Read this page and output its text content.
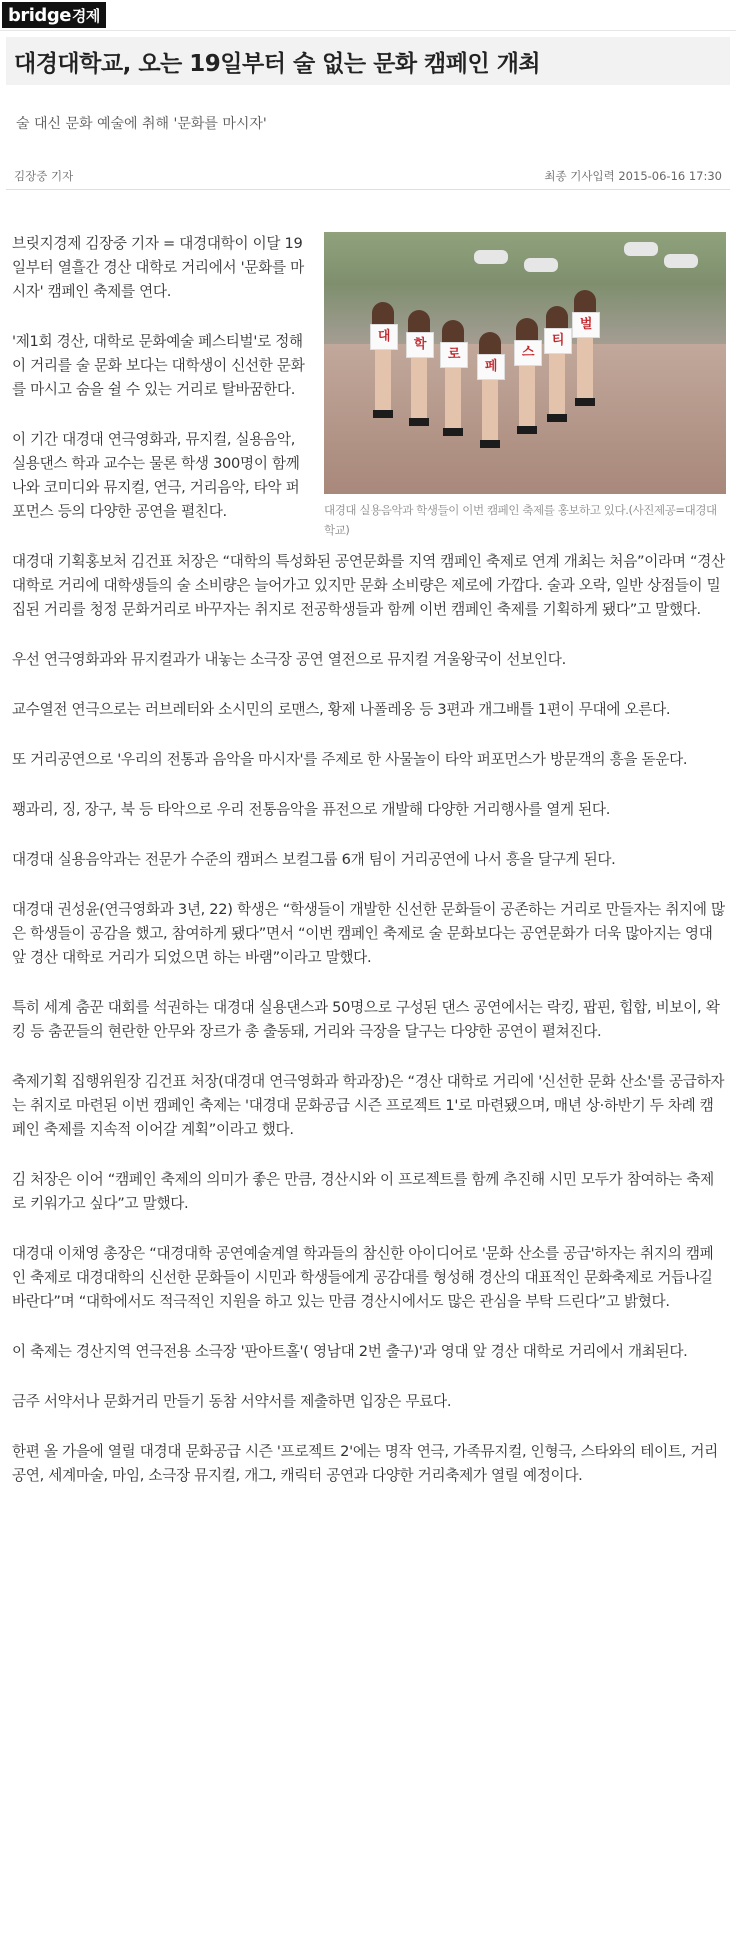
bridge 경제
대경대학교, 오는 19일부터 술 없는 문화 캠페인 개최
술 대신 문화 예술에 취해 '문화를 마시자'
김장중 기자	최종 기사입력 2015-06-16 17:30
대
학
로
페
스
티
벌
대경대 실용음악과 학생들이 이번 캠페인 축제를 홍보하고 있다.(사진제공=대경대학교)

브릿지경제 김장중 기자 = 대경대학이 이달 19일부터 열흘간 경산 대학로 거리에서 '문화를 마시자' 캠페인 축제를 연다.

'제1회 경산, 대학로 문화예술 페스티벌'로 정해 이 거리를 술 문화 보다는 대학생이 신선한 문화를 마시고 숨을 쉴 수 있는 거리로 탈바꿈한다.

이 기간 대경대 연극영화과, 뮤지컬, 실용음악, 실용댄스 학과 교수는 물론 학생 300명이 함께 나와 코미디와 뮤지컬, 연극, 거리음악, 타악 퍼포먼스 등의 다양한 공연을 펼친다.

대경대 기획홍보처 김건표 처장은 “대학의 특성화된 공연문화를 지역 캠페인 축제로 연계 개최는 처음”이라며 “경산 대학로 거리에 대학생들의 술 소비량은 늘어가고 있지만 문화 소비량은 제로에 가깝다. 술과 오락, 일반 상점들이 밀집된 거리를 청정 문화거리로 바꾸자는 취지로 전공학생들과 함께 이번 캠페인 축제를 기획하게 됐다”고 말했다.

우선 연극영화과와 뮤지컬과가 내놓는 소극장 공연 열전으로 뮤지컬 겨울왕국이 선보인다.

교수열전 연극으로는 러브레터와 소시민의 로맨스, 황제 나폴레옹 등 3편과 개그배틀 1편이 무대에 오른다.

또 거리공연으로 '우리의 전통과 음악을 마시자'를 주제로 한 사물놀이 타악 퍼포먼스가 방문객의 흥을 돋운다.

꽹과리, 징, 장구, 북 등 타악으로 우리 전통음악을 퓨전으로 개발해 다양한 거리행사를 열게 된다.

대경대 실용음악과는 전문가 수준의 캠퍼스 보컬그룹 6개 팀이 거리공연에 나서 흥을 달구게 된다.

대경대 권성윤(연극영화과 3년, 22) 학생은 “학생들이 개발한 신선한 문화들이 공존하는 거리로 만들자는 취지에 많은 학생들이 공감을 했고, 참여하게 됐다”면서 “이번 캠페인 축제로 술 문화보다는 공연문화가 더욱 많아지는 영대 앞 경산 대학로 거리가 되었으면 하는 바램”이라고 말했다.

특히 세계 춤꾼 대회를 석권하는 대경대 실용댄스과 50명으로 구성된 댄스 공연에서는 락킹, 팝핀, 힙합, 비보이, 왁킹 등 춤꾼들의 현란한 안무와 장르가 총 출동돼, 거리와 극장을 달구는 다양한 공연이 펼쳐진다.

축제기획 집행위원장 김건표 처장(대경대 연극영화과 학과장)은 “경산 대학로 거리에 '신선한 문화 산소'를 공급하자는 취지로 마련된 이번 캠페인 축제는 '대경대 문화공급 시즌 프로젝트 1'로 마련됐으며, 매년 상·하반기 두 차례 캠페인 축제를 지속적 이어갈 계획”이라고 했다.

김 처장은 이어 “캠페인 축제의 의미가 좋은 만큼, 경산시와 이 프로젝트를 함께 추진해 시민 모두가 참여하는 축제로 키워가고 싶다”고 말했다.

대경대 이채영 총장은 “대경대학 공연예술계열 학과들의 참신한 아이디어로 '문화 산소를 공급'하자는 취지의 캠페인 축제로 대경대학의 신선한 문화들이 시민과 학생들에게 공감대를 형성해 경산의 대표적인 문화축제로 거듭나길 바란다”며 “대학에서도 적극적인 지원을 하고 있는 만큼 경산시에서도 많은 관심을 부탁 드린다”고 밝혔다.

이 축제는 경산지역 연극전용 소극장 '판아트홀'( 영남대 2번 출구)'과 영대 앞 경산 대학로 거리에서 개최된다.

금주 서약서나 문화거리 만들기 동참 서약서를 제출하면 입장은 무료다.

한편 올 가을에 열릴 대경대 문화공급 시즌 '프로젝트 2'에는 명작 연극, 가족뮤지컬, 인형극, 스타와의 테이트, 거리공연, 세계마술, 마임, 소극장 뮤지컬, 개그, 캐릭터 공연과 다양한 거리축제가 열릴 예정이다.
